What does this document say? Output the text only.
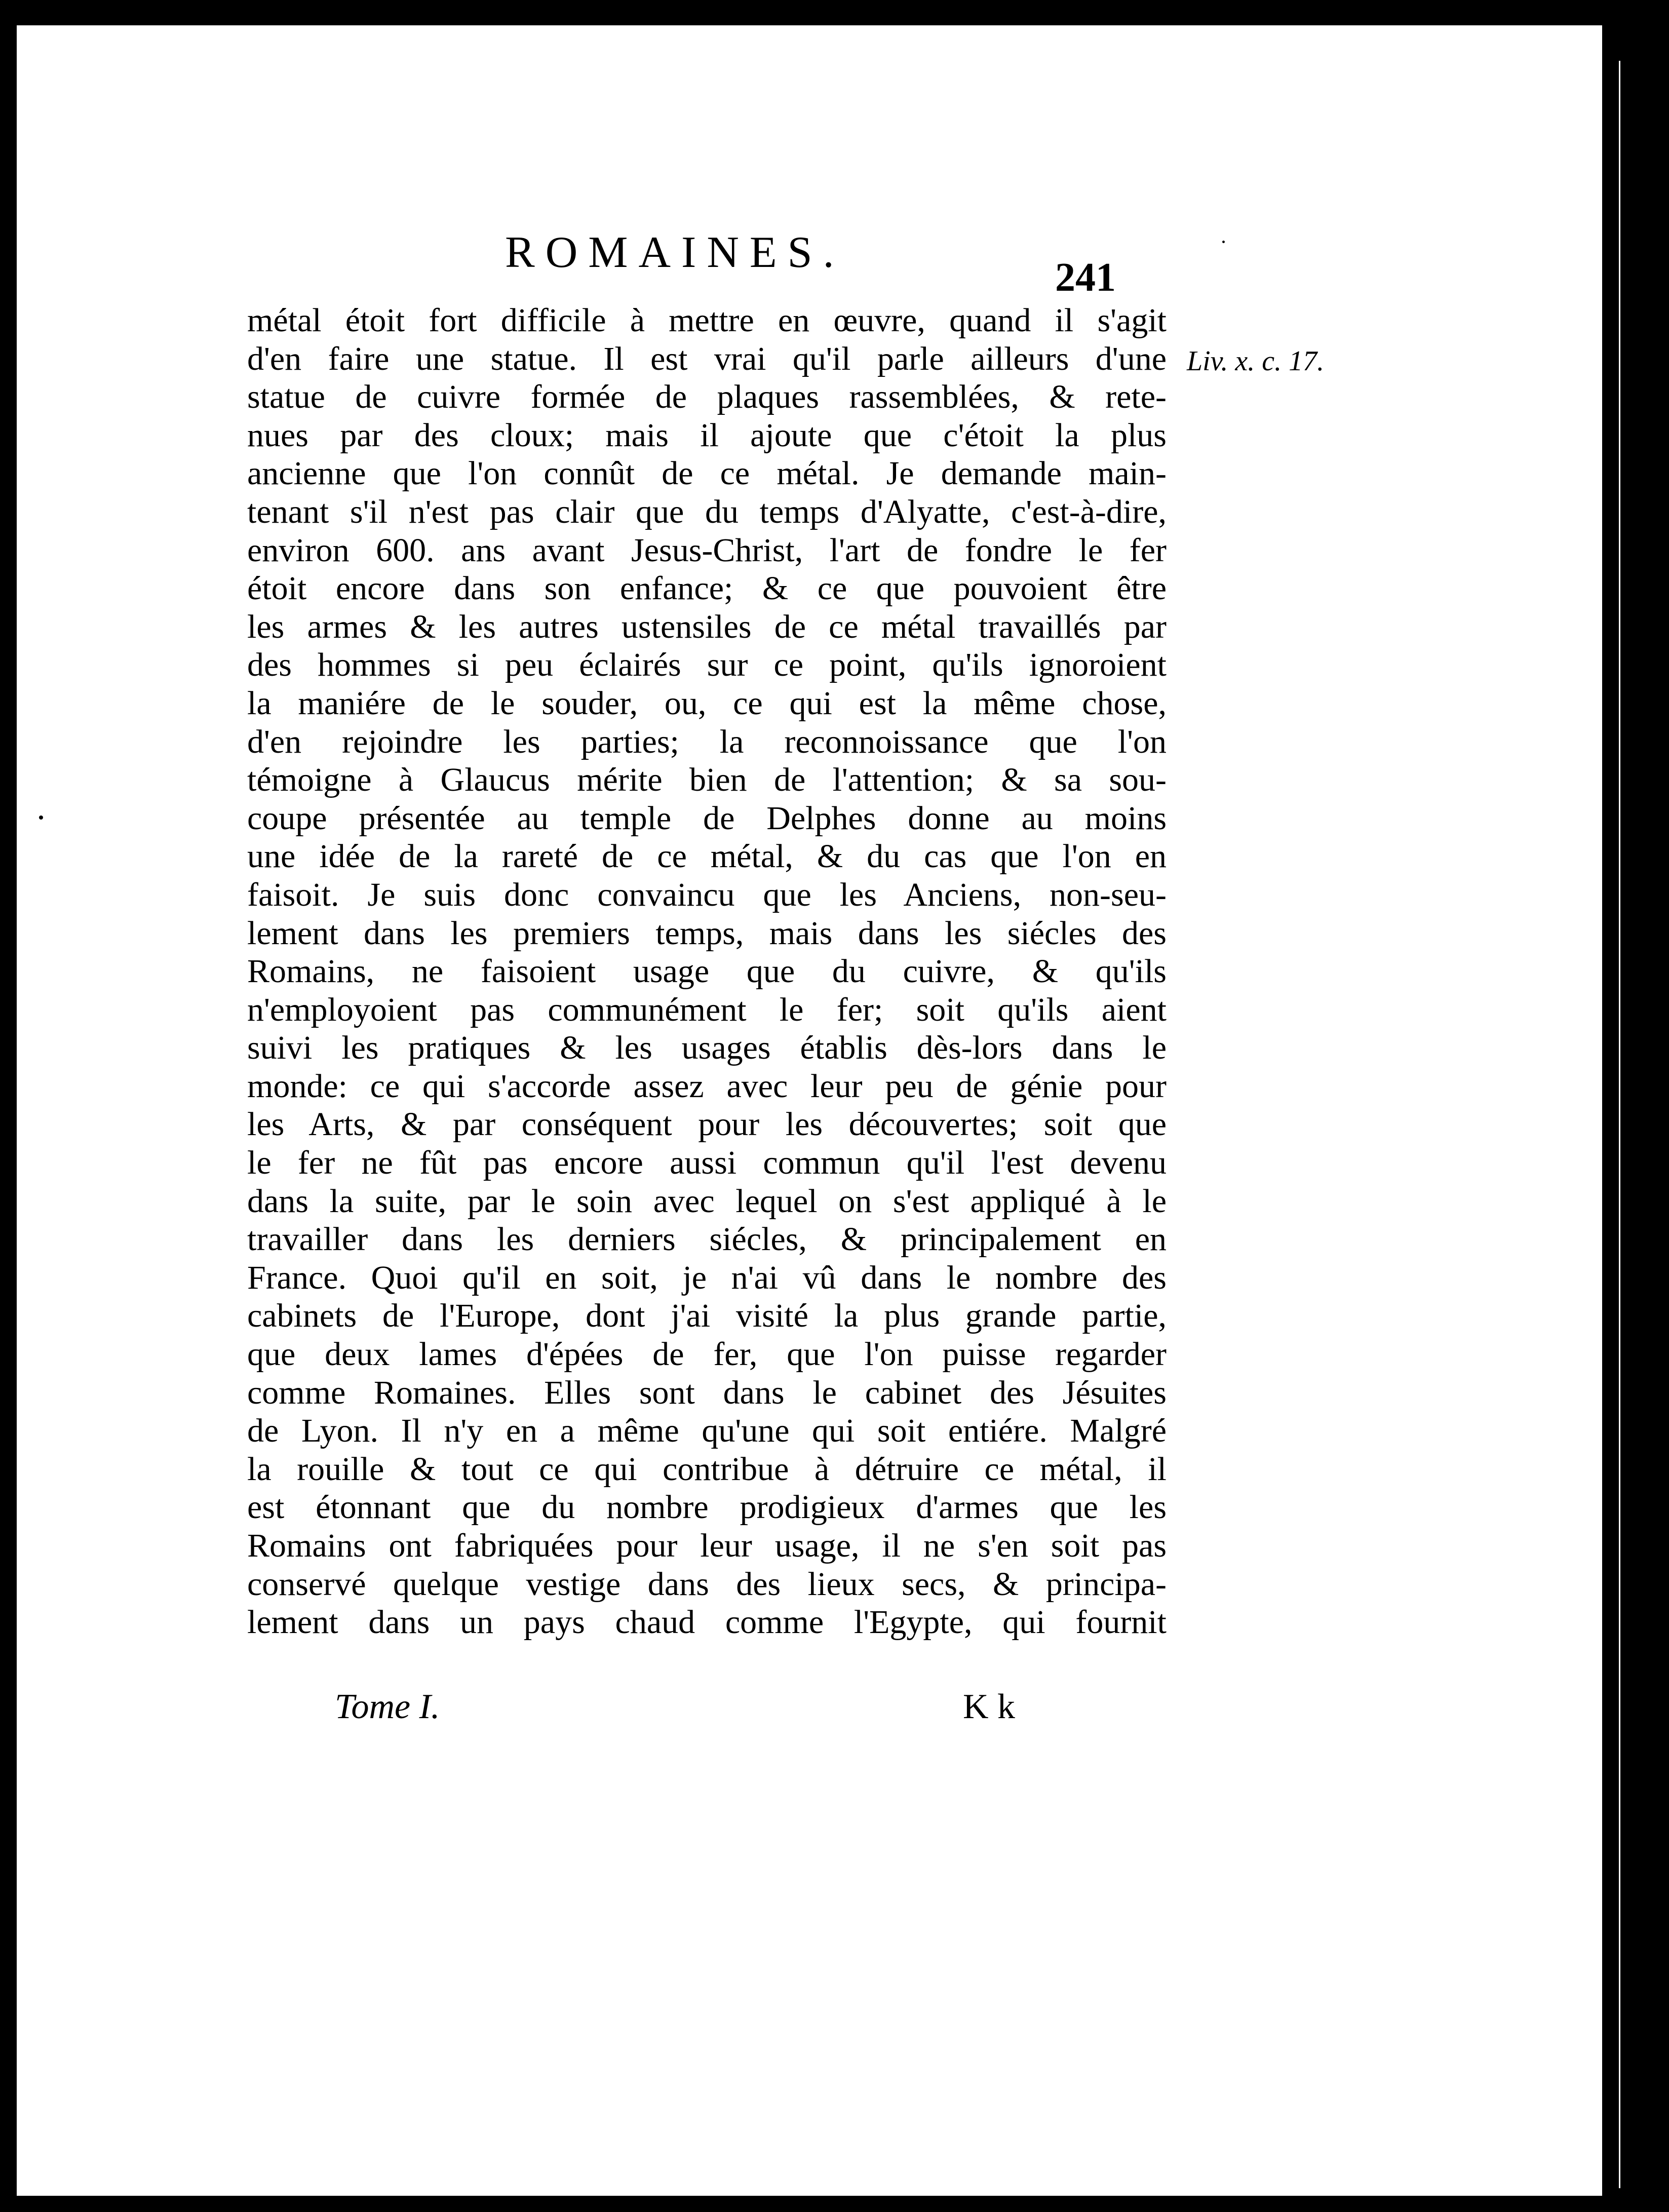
ROMAINES.
241
Liv. x. c. 17.
métal étoit fort difficile à mettre en œuvre, quand il s'agit
d'en faire une statue. Il est vrai qu'il parle ailleurs d'une
statue de cuivre formée de plaques rassemblées, & rete-
nues par des cloux; mais il ajoute que c'étoit la plus
ancienne que l'on connût de ce métal. Je demande main-
tenant s'il n'est pas clair que du temps d'Alyatte, c'est-à-dire,
environ 600. ans avant Jesus-Christ, l'art de fondre le fer
étoit encore dans son enfance; & ce que pouvoient être
les armes & les autres ustensiles de ce métal travaillés par
des hommes si peu éclairés sur ce point, qu'ils ignoroient
la maniére de le souder, ou, ce qui est la même chose,
d'en rejoindre les parties; la reconnoissance que l'on
témoigne à Glaucus mérite bien de l'attention; & sa sou-
coupe présentée au temple de Delphes donne au moins
une idée de la rareté de ce métal, & du cas que l'on en
faisoit. Je suis donc convaincu que les Anciens, non-seu-
lement dans les premiers temps, mais dans les siécles des
Romains, ne faisoient usage que du cuivre, & qu'ils
n'employoient pas communément le fer; soit qu'ils aient
suivi les pratiques & les usages établis dès-lors dans le
monde: ce qui s'accorde assez avec leur peu de génie pour
les Arts, & par conséquent pour les découvertes; soit que
le fer ne fût pas encore aussi commun qu'il l'est devenu
dans la suite, par le soin avec lequel on s'est appliqué à le
travailler dans les derniers siécles, & principalement en
France. Quoi qu'il en soit, je n'ai vû dans le nombre des
cabinets de l'Europe, dont j'ai visité la plus grande partie,
que deux lames d'épées de fer, que l'on puisse regarder
comme Romaines. Elles sont dans le cabinet des Jésuites
de Lyon. Il n'y en a même qu'une qui soit entiére. Malgré
la rouille & tout ce qui contribue à détruire ce métal, il
est étonnant que du nombre prodigieux d'armes que les
Romains ont fabriquées pour leur usage, il ne s'en soit pas
conservé quelque vestige dans des lieux secs, & principa-
lement dans un pays chaud comme l'Egypte, qui fournit
Tome I.	K k
